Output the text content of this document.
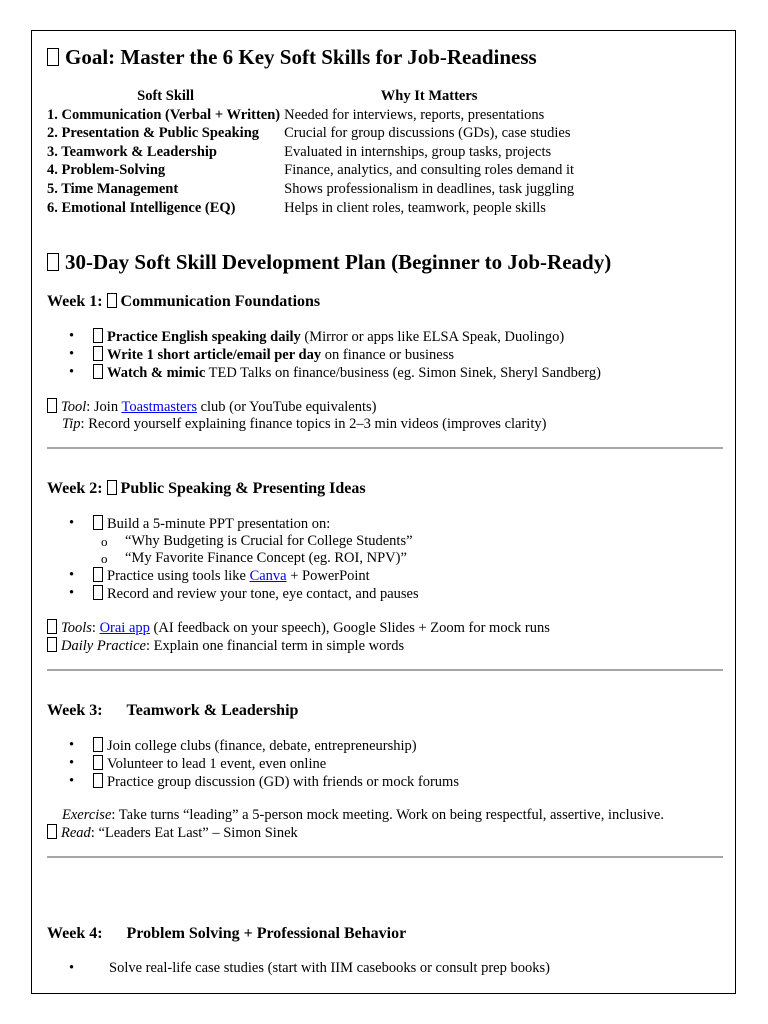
Goal: Master the 6 Key Soft Skills for Job-Readiness
Soft Skill	Why It Matters
1. Communication (Verbal + Written)	Needed for interviews, reports, presentations
2. Presentation & Public Speaking	Crucial for group discussions (GDs), case studies
3. Teamwork & Leadership	Evaluated in internships, group tasks, projects
4. Problem-Solving	Finance, analytics, and consulting roles demand it
5. Time Management	Shows professionalism in deadlines, task juggling
6. Emotional Intelligence (EQ)	Helps in client roles, teamwork, people skills
30-Day Soft Skill Development Plan (Beginner to Job-Ready)
Week 1: Communication Foundations
• Practice English speaking daily (Mirror or apps like ELSA Speak, Duolingo)
• Write 1 short article/email per day on finance or business
• Watch & mimic TED Talks on finance/business (eg. Simon Sinek, Sheryl Sandberg)
Tool: Join Toastmasters club (or YouTube equivalents)
Tip: Record yourself explaining finance topics in 2–3 min videos (improves clarity)
Week 2: Public Speaking & Presenting Ideas
• Build a 5-minute PPT presentation on:
o “Why Budgeting is Crucial for College Students”
o “My Favorite Finance Concept (eg. ROI, NPV)”
• Practice using tools like Canva + PowerPoint
• Record and review your tone, eye contact, and pauses
Tools: Orai app (AI feedback on your speech), Google Slides + Zoom for mock runs
Daily Practice: Explain one financial term in simple words
Week 3: Teamwork & Leadership
• Join college clubs (finance, debate, entrepreneurship)
• Volunteer to lead 1 event, even online
• Practice group discussion (GD) with friends or mock forums
Exercise: Take turns “leading” a 5-person mock meeting. Work on being respectful, assertive, inclusive.
Read: “Leaders Eat Last” – Simon Sinek
Week 4: Problem Solving + Professional Behavior
• Solve real-life case studies (start with IIM casebooks or consult prep books)
